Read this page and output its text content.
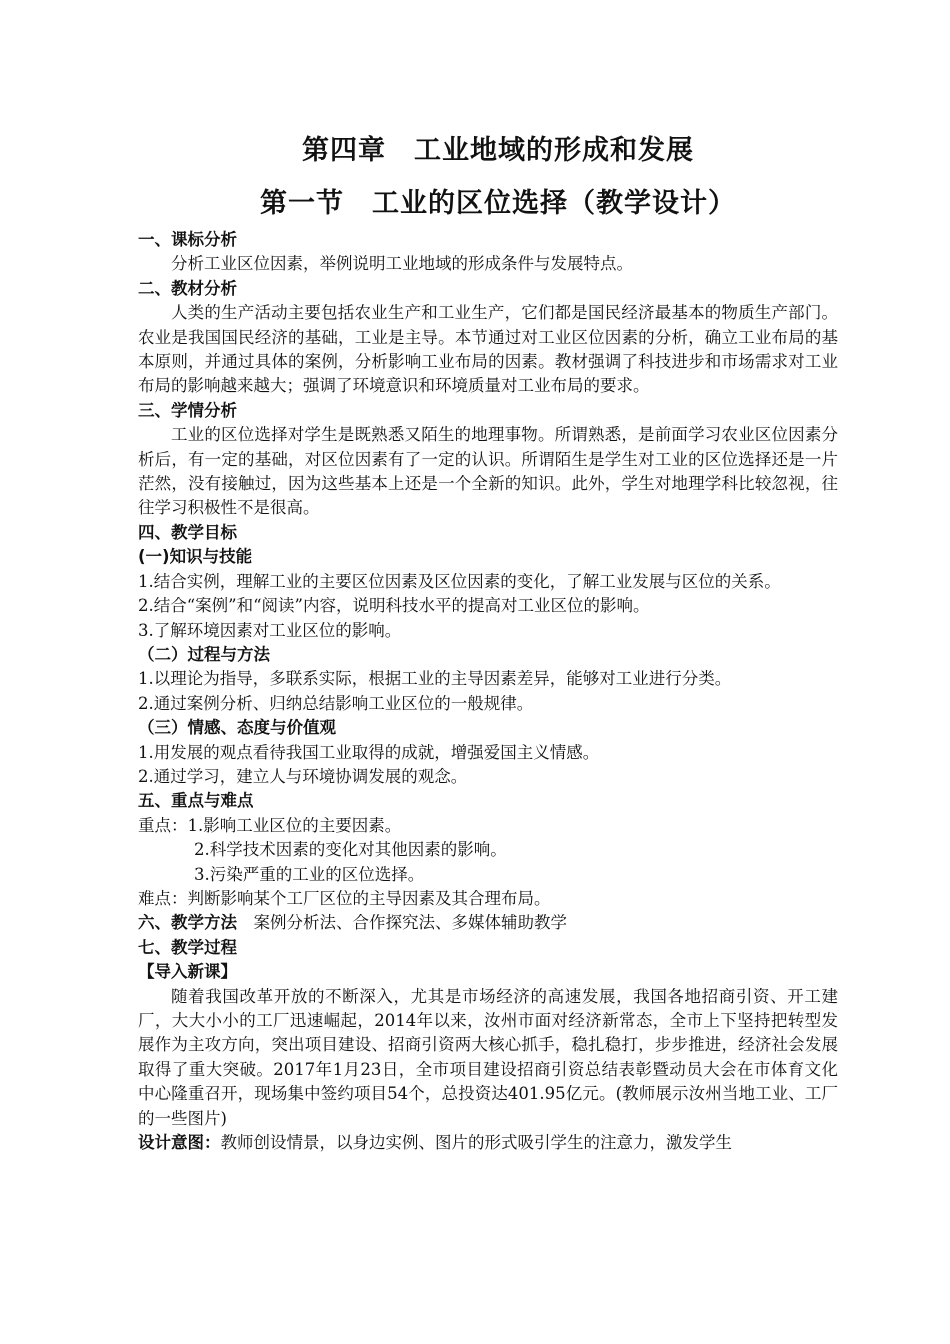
第四章　工业地域的形成和发展
第一节　工业的区位选择（教学设计）
一、课标分析
分析工业区位因素，举例说明工业地域的形成条件与发展特点。
二、教材分析
人类的生产活动主要包括农业生产和工业生产，它们都是国民经济最基本的物质生产部门。农业是我国国民经济的基础，工业是主导。本节通过对工业区位因素的分析，确立工业布局的基本原则，并通过具体的案例，分析影响工业布局的因素。教材强调了科技进步和市场需求对工业布局的影响越来越大；强调了环境意识和环境质量对工业布局的要求。
三、学情分析
工业的区位选择对学生是既熟悉又陌生的地理事物。所谓熟悉，是前面学习农业区位因素分析后，有一定的基础，对区位因素有了一定的认识。所谓陌生是学生对工业的区位选择还是一片茫然，没有接触过，因为这些基本上还是一个全新的知识。此外，学生对地理学科比较忽视，往往学习积极性不是很高。
四、教学目标
(一)知识与技能
1.结合实例，理解工业的主要区位因素及区位因素的变化，了解工业发展与区位的关系。
2.结合“案例”和“阅读”内容，说明科技水平的提高对工业区位的影响。
3.了解环境因素对工业区位的影响。
（二）过程与方法
1.以理论为指导，多联系实际，根据工业的主导因素差异，能够对工业进行分类。
2.通过案例分析、归纳总结影响工业区位的一般规律。
（三）情感、态度与价值观
1.用发展的观点看待我国工业取得的成就，增强爱国主义情感。
2.通过学习，建立人与环境协调发展的观念。
五、重点与难点
重点：1.影响工业区位的主要因素。
2.科学技术因素的变化对其他因素的影响。
3.污染严重的工业的区位选择。
难点：判断影响某个工厂区位的主导因素及其合理布局。
六、教学方法　案例分析法、合作探究法、多媒体辅助教学
七、教学过程
【导入新课】
随着我国改革开放的不断深入，尤其是市场经济的高速发展，我国各地招商引资、开工建厂，大大小小的工厂迅速崛起，2014年以来，汝州市面对经济新常态，全市上下坚持把转型发展作为主攻方向，突出项目建设、招商引资两大核心抓手，稳扎稳打，步步推进，经济社会发展取得了重大突破。2017年1月23日，全市项目建设招商引资总结表彰暨动员大会在市体育文化中心隆重召开，现场集中签约项目54个，总投资达401.95亿元。(教师展示汝州当地工业、工厂的一些图片)
设计意图：教师创设情景，以身边实例、图片的形式吸引学生的注意力，激发学生
